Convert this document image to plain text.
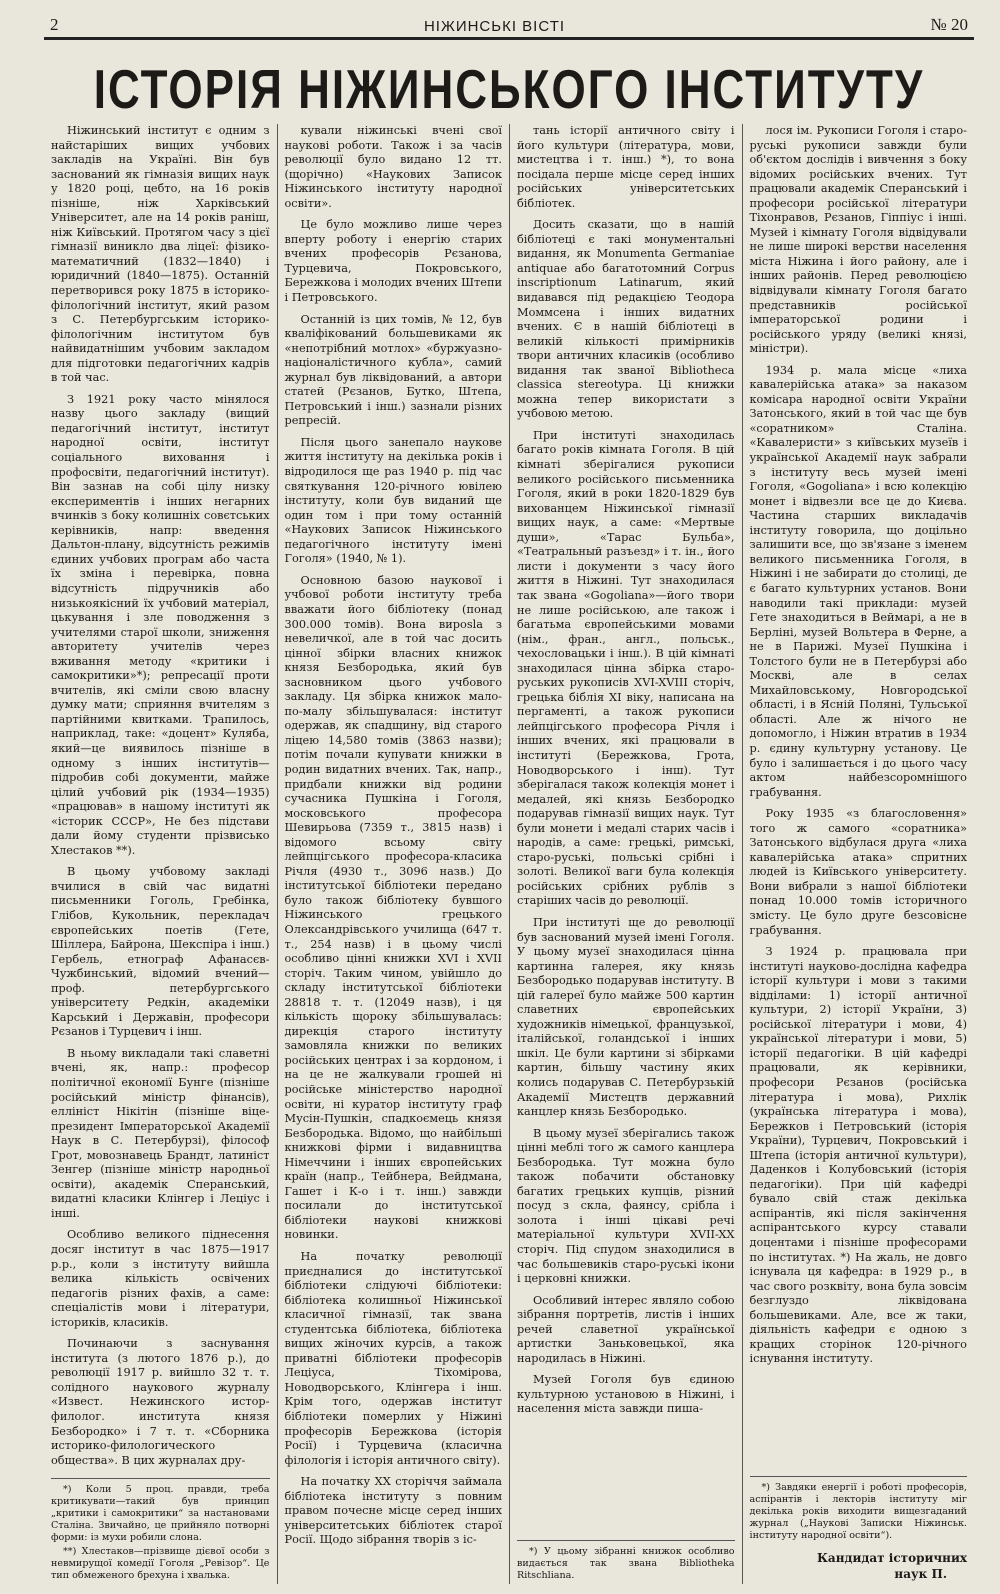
2	НІЖИНСЬКІ ВІСТІ	№ 20
ІСТОРІЯ НІЖИНСЬКОГО ІНСТИТУТУ

Ніжинський інститут є одним з найстаріших вищих учбових закладів на Україні. Він був заснований як гімназія вищих наук у 1820 році, цебто, на 16 років пізніше, ніж Харківський Університет, але на 14 років раніш, ніж Київський. Протягом часу з цієї гімназії виникло два ліцеї: фізико-математичний (1832—1840) і юридичний (1840—1875). Останній перетворився року 1875 в історико-філологічний інститут, який разом з С. Петербургським історико-філологічним інститутом був найвидатнішим учбовим закладом для підготовки педагогічних кадрів в той час.

З 1921 року часто мінялося назву цього закладу (вищий педагогічний інститут, інститут народної освіти, інститут соціального виховання і профосвіти, педагогічний інститут). Він зазнав на собі цілу низку експериментів і інших негарних вчинків з боку колишніх совєтських керівників, напр: введення Дальтон-плану, відсутність режимів єдиних учбових програм або часта їх зміна і перевірка, повна відсутність підручників або низькоякісний їх учбовий матеріал, цькування і зле поводження з учителями старої школи, зниження авторитету учителів через вживання методу «критики і самокритики»*); репресації проти вчителів, які сміли свою власну думку мати; сприяння вчителям з партійними квитками. Трапилось, наприклад, таке: «доцент» Куляба, який—це виявилось пізніше в одному з інших інститутів—підробив собі документи, майже цілий учбовий рік (1934—1935) «працював» в нашому інституті як «історик СССР», Не без підстави дали йому студенти прізвисько Хлестаков **).

В цьому учбовому закладі вчилися в свій час видатні письменники Гоголь, Гребінка, Глібов, Кукольник, перекладач європейських поетів (Гете, Шіллера, Байрона, Шекспіра і інш.) Гербель, етнограф Афанасєв-Чужбинський, відомий вчений—проф. петербургського університету Редкін, академіки Карський і Державін, професори Рєзанов і Турцевич і інш.

В ньому викладали такі славетні вчені, як, напр.: професор політичної економії Бунге (пізніше російський міністр фінансів), еллініст Нікітін (пізніше віце-президент Імператорської Академії Наук в С. Петербурзі), філософ Грот, мовознавець Брандт, латиніст Зенгер (пізніше міністр народньої освіти), академік Сперанський, видатні класики Клінгер і Леціус і інші.

Особливо великого піднесення досяг інститут в час 1875—1917 р.р., коли з інституту вийшла велика кількість освічених педагогів різних фахів, а саме: спеціалістів мови і літератури, істориків, класиків.

Починаючи з заснування інститута (з лютого 1876 р.), до революції 1917 р. вийшло 32 т. т. солідного наукового журналу «Извест. Нежинского истор-филолог. института князя Безбородко» і 7 т. т. «Сборника историко-филологического общества». В цих журналах дру-

*) Коли 5 проц. правди, треба критикувати—такий був принцип „критики і самокритики“ за настановами Сталіна. Звичайно, це прийняло потворні форми: із мухи робили слона.

**) Хлестаков—прізвище дієвої особи з невмирущої комедії Гоголя „Ревізор“. Це тип обмеженого брехуна і хвалька.

кували ніжинські вчені свої наукові роботи. Також і за часів революції було видано 12 тт. (щорічно) «Наукових Записок Ніжинського інституту народної освіти».

Це було можливо лише через вперту роботу і енергію старих вчених професорів Рєзанова, Турцевича, Покровського, Бережкова і молодих вчених Штепи і Петровського.

Останній із цих томів, № 12, був кваліфікований большевиками як «непотрібний мотлох» «буржуазно-націоналістичного кубла», самий журнал був ліквідований, а автори статей (Рєзанов, Бутко, Штепа, Петровський і інш.) зазнали різних репресій.

Після цього занепало наукове життя інституту на декілька років і відродилося ще раз 1940 р. під час святкування 120-річного ювілею інституту, коли був виданий ще один том і при тому останній «Наукових Записок Ніжинського педагогічного інституту імені Гоголя» (1940, № 1).

Основною базою наукової і учбової роботи інституту треба вважати його бібліотеку (понад 300.000 томів). Вона вирosla з невеличкої, але в той час досить цінної збірки власних книжок князя Безбородька, який був засновником цього учбового закладу. Ця збірка книжок мало-по-малу збільшувалася: інститут одержав, як спадщину, від старого ліцею 14,580 томів (3863 назви); потім почали купувати книжки в родин видатних вчених. Так, напр., придбали книжки від родини сучасника Пушкіна і Гоголя, московського професора Шевирьова (7359 т., 3815 назв) і відомого всьому світу лейпцігського професора-класика Річля (4930 т., 3096 назв.) До інститутської бібліотеки передано було також бібліотеку бувшого Ніжинського грецького Олександрівського училища (647 т. т., 254 назв) і в цьому числі особливо цінні книжки XVI і XVII сторіч. Таким чином, увійшло до складу інститутської бібліотеки 28818 т. т. (12049 назв), і ця кількість щороку збільшувалась: дирекція старого інституту замовляла книжки по великих російських центрах і за кордоном, і на це не жалкували грошей ні російське міністерство народної освіти, ні куратор інституту граф Мусін-Пушкін, спадкоємець князя Безбородька. Відомо, що найбільші книжкові фірми і видавництва Німеччини і інших європейських країн (напр., Тейбнера, Вейдмана, Гашет і К-о і т. інш.) завжди посилали до інститутської бібліотеки наукові книжкові новинки.

На початку революції приєдналися до інститутської бібліотеки слідуючі бібліотеки: бібліотека колишньої Ніжинської класичної гімназії, так звана студентська бібліотека, бібліотека вищих жіночих курсів, а також приватні бібліотеки професорів Леціуса, Тіхомірова, Новодворського, Клінгера і інш. Крім того, одержав інститут бібліотеки померлих у Ніжині професорів Бережкова (історія Росії) і Турцевича (класична філологія і історія античного світу).

На початку XX сторіччя займала бібліотека інституту з повним правом почесне місце серед інших університетських бібліотек старої Росії. Щодо зібрання творів з іс-

тань історії античного світу і його культури (література, мови, мистецтва і т. інш.) *), то вона посідала перше місце серед інших російських університетських бібліотек.

Досить сказати, що в нашій бібліотеці є такі монументальні видання, як Monumenta Germaniae antiquae або багатотомний Corpus inscriptionum Latinarum, який видавався під редакцією Теодора Моммсена і інших видатних вчених. Є в нашій бібліотеці в великій кількості примірників твори античних класиків (особливо видання так званої Bibliotheca classica stereotypa. Ці книжки можна тепер використати з учбовою метою.

При інституті знаходилась багато років кімната Гоголя. В цій кімнаті зберігалися рукописи великого російського письменника Гоголя, який в роки 1820-1829 був вихованцем Ніжинської гімназії вищих наук, а саме: «Мертвые души», «Тарас Бульба», «Театральный разъезд» і т. ін., його листи і документи з часу його життя в Ніжині. Тут знаходилася так звана «Gogoliana»—його твори не лише російською, але також і багатьма європейськими мовами (нім., фран., англ., польськ., чехословацьки і інш.). В цій кімнаті знаходилася цінна збірка старо-руських рукописів XVI-XVIII сторіч, грецька біблія XI віку, написана на пергаменті, а також рукописи лейпцігського професора Річля і інших вчених, які працювали в інституті (Бережкова, Грота, Новодворського і інш). Тут зберігалася також колекція монет і медалей, які князь Безбородко подарував гімназії вищих наук. Тут були монети і медалі старих часів і народів, а саме: грецькі, римські, старо-руські, польські срібні і золоті. Великої ваги була колекція російських срібних рублів з старіших часів до революції.

При інституті ще до революції був заснований музей імені Гоголя. У цьому музеї знаходилася цінна картинна галерея, яку князь Безбородько подарував інституту. В цій галереї було майже 500 картин славетних європейських художників німецької, французької, італійської, голандської і інших шкіл. Це були картини зі збірками картин, більшу частину яких колись подарував С. Петербурзькій Академії Мистецтв державний канцлер князь Безбородько.

В цьому музеї зберігались також цінні меблі того ж самого канцлера Безбородька. Тут можна було також побачити обстановку багатих грецьких купців, різний посуд з скла, фаянсу, срібла і золота і інші цікаві речі матеріальної культури XVII-XX сторіч. Під спудом знаходилися в час большевиків старо-руські ікони і церковні книжки.

Особливий інтерес являло собою зібрання портретів, листів і інших речей славетної української артистки Заньковецької, яка народилась в Ніжині.

Музей Гоголя був єдиною культурною установою в Ніжині, і населення міста завжди пиша-

*) У цьому зібранні книжок особливо видається так звана Bibliotheka Ritschliana.

лося ім. Рукописи Гоголя і старо-руські рукописи завжди були об'єктом дослідів і вивчення з боку відомих російських вчених. Тут працювали академік Сперанський і професори російської літератури Тіхонравов, Рєзанов, Гіппіус і інші. Музей і кімнату Гоголя відвідували не лише широкі верстви населення міста Ніжина і його району, але і інших районів. Перед революцією відвідували кімнату Гоголя багато представників російської імператорської родини і російського уряду (великі князі, міністри).

1934 р. мала місце «лиха кавалерійська атака» за наказом комісара народної освіти України Затонського, який в той час ще був «соратником» Сталіна. «Кавалеристи» з київських музеїв і української Академії наук забрали з інституту весь музей імені Гоголя, «Gogoliana» і всю колекцію монет і відвезли все це до Києва. Частина старших викладачів інституту говорила, що доцільно залишити все, що зв'язане з іменем великого письменника Гоголя, в Ніжині і не забирати до столиці, де є багато культурних установ. Вони наводили такі приклади: музей Гете знаходиться в Веймарі, а не в Берліні, музей Вольтера в Ферне, а не в Парижі. Музеї Пушкіна і Толстого були не в Петербурзі або Москві, але в селах Михайловському, Новгородської області, і в Ясній Поляні, Тульської області. Але ж нічого не допомогло, і Ніжин втратив в 1934 р. єдину культурну установу. Це було і залишається і до цього часу актом найбезсоромнішого грабування.

Року 1935 «з благословення» того ж самого «соратника» Затонського відбулася друга «лиха кавалерійська атака» спритних людей із Київського університету. Вони вибрали з нашої бібліотеки понад 10.000 томів історичного змісту. Це було друге безсовісне грабування.

З 1924 р. працювала при інституті науково-дослідна кафедра історії культури і мови з такими відділами: 1) історії античної культури, 2) історії України, 3) російської літератури і мови, 4) української літератури і мови, 5) історії педагогіки. В цій кафедрі працювали, як керівники, професори Рєзанов (російська література і мова), Рихлік (українська література і мова), Бережков і Петровський (історія України), Турцевич, Покровський і Штепа (історія античної культури), Даденков і Колубовський (історія педагогіки). При цій кафедрі бувало свій стаж декілька аспірантів, які після закінчення аспірантського курсу ставали доцентами і пізніше професорами по інститутах. *) На жаль, не довго існувала ця кафедра: в 1929 р., в час свого розквіту, вона була зовсім безглуздо ліквідована большевиками. Але, все ж таки, діяльність кафедри є одною з кращих сторінок 120-річного існування інституту.

*) Завдяки енергії і роботі професорів, аспірантів і лекторів інституту міг декілька років виходити вищезгаданий журнал („Наукові Записки Ніжинськ. інституту народної освіти“).

Кандидат історичних
наук П.
